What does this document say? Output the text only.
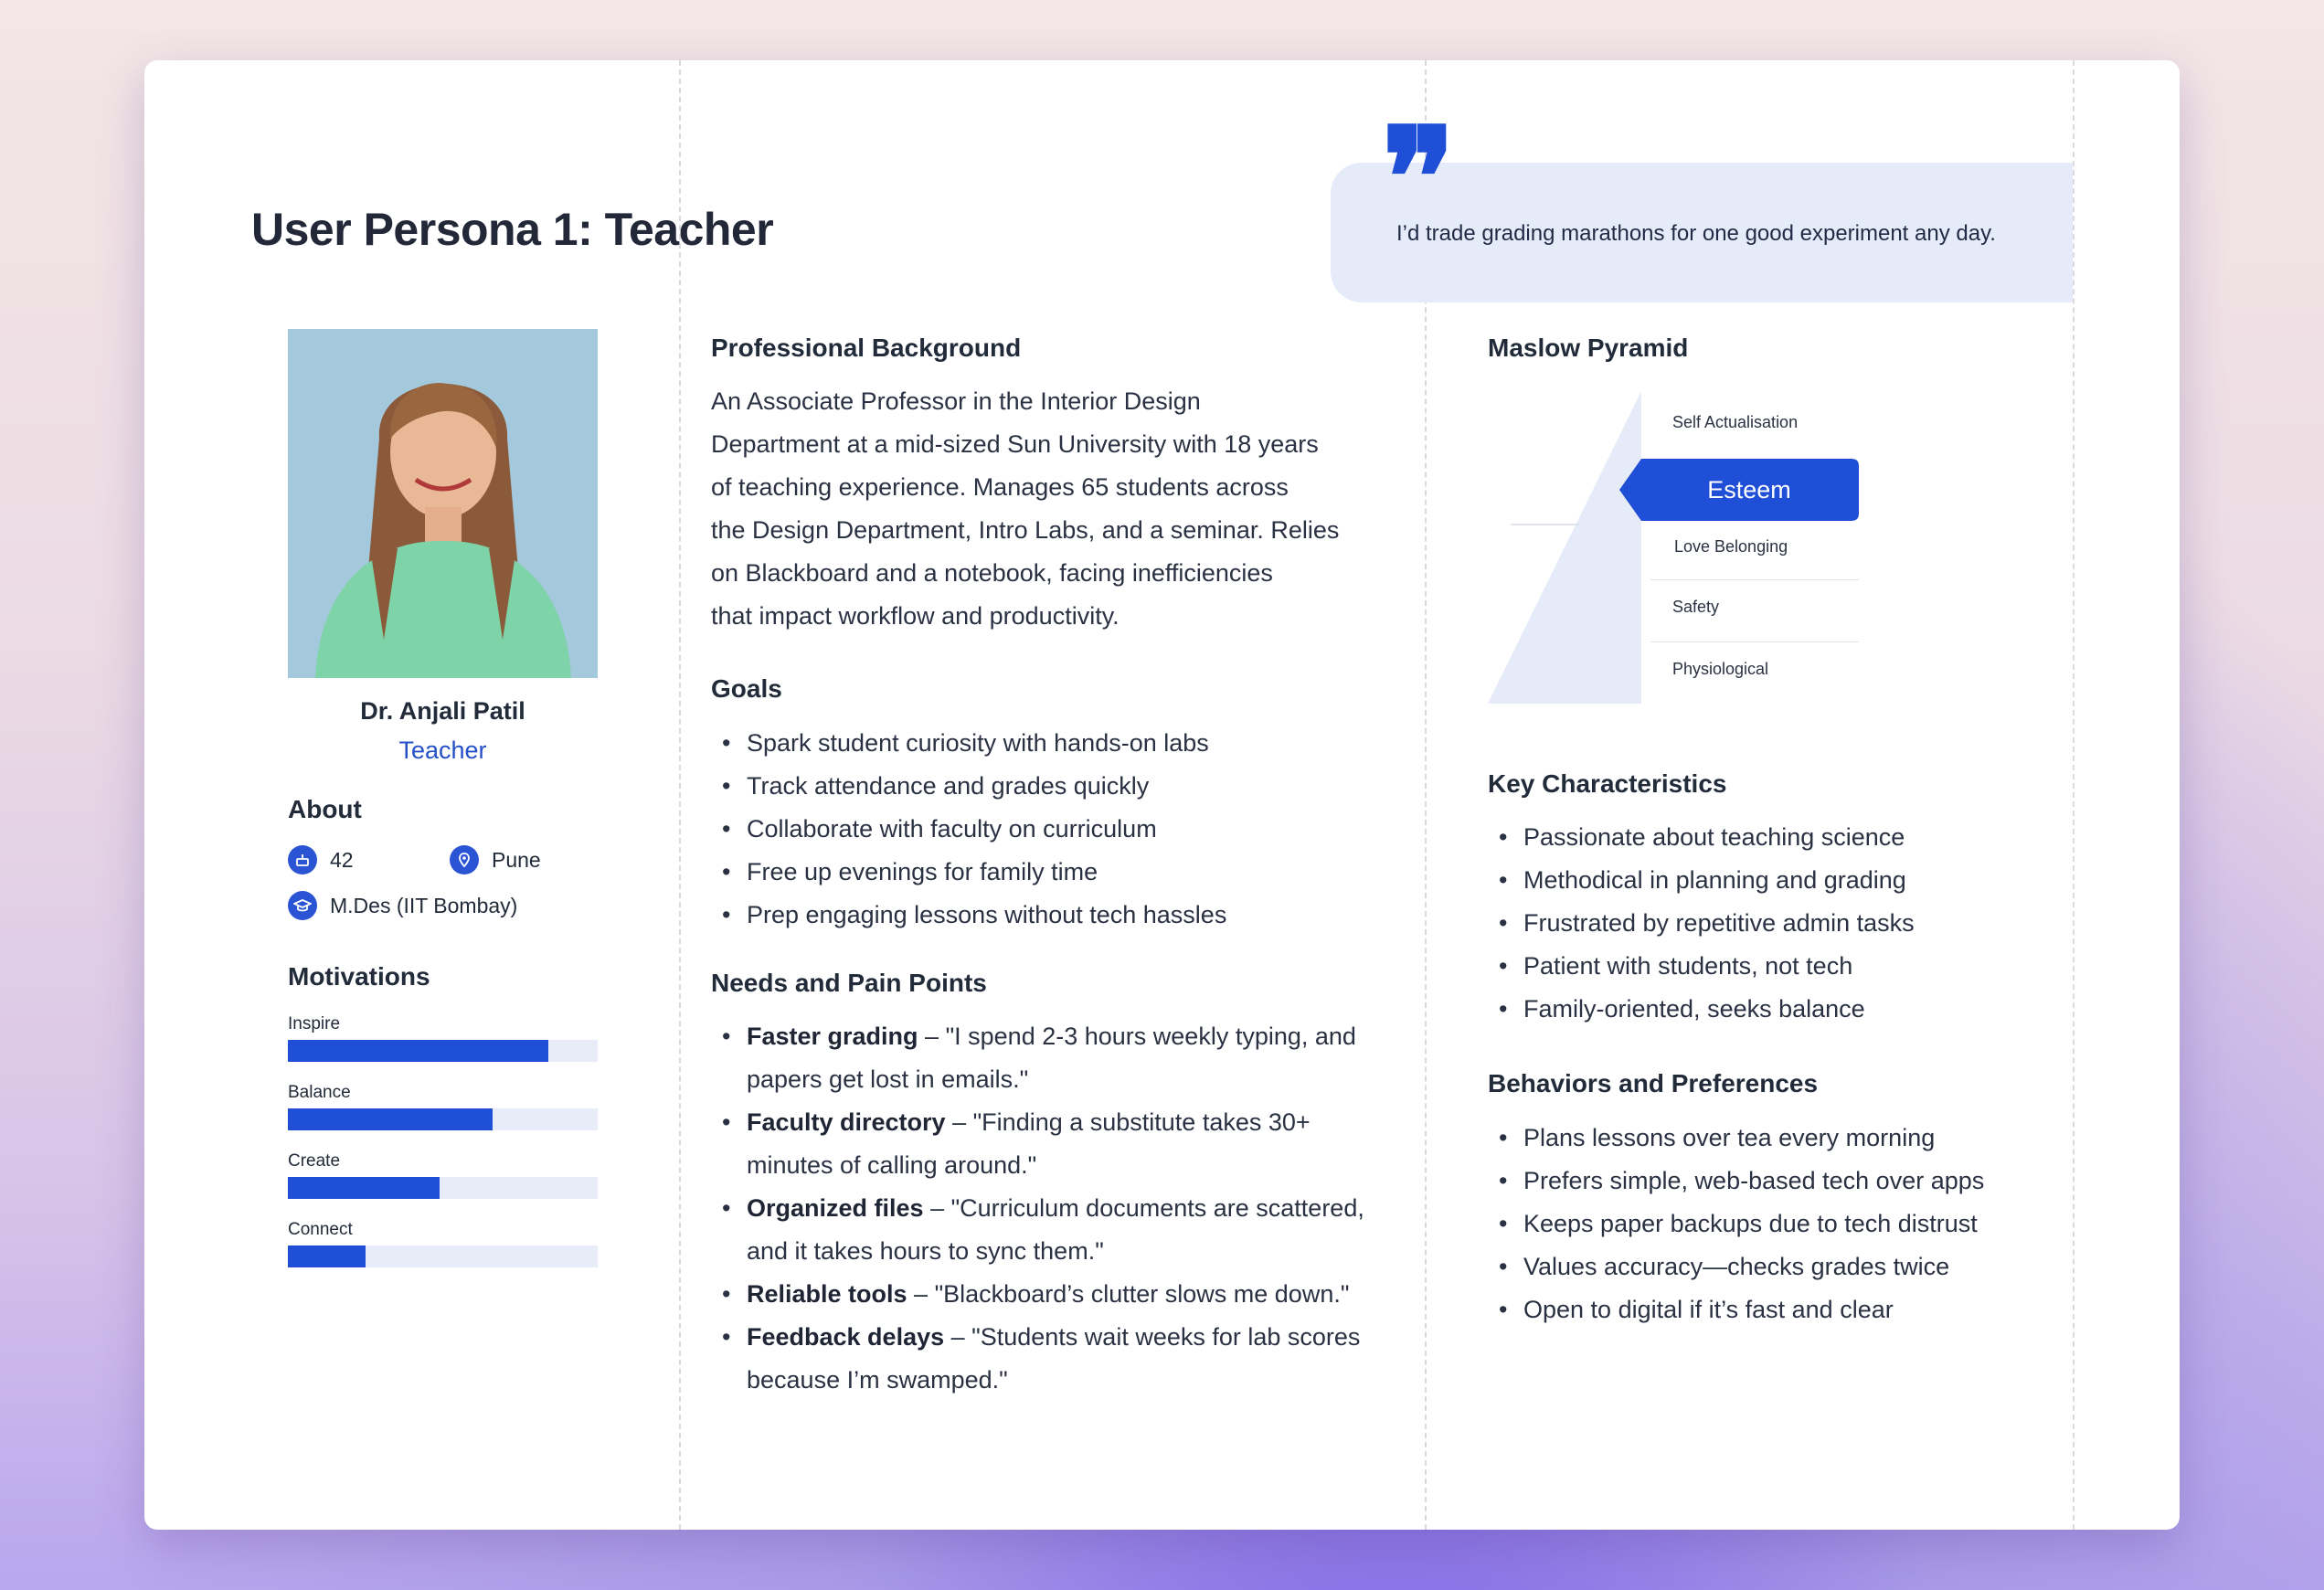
User Persona 1: Teacher	❞
I’d trade grading marathons for one good experiment any day.
Dr. Anjali Patil
Teacher
About
42	Pune
M.Des (IIT Bombay)
Motivations
Inspire
Balance
Create
Connect
Professional Background
An Associate Professor in the Interior Design
Department at a mid-sized Sun University with 18 years
of teaching experience. Manages 65 students across
the Design Department, Intro Labs, and a seminar. Relies
on Blackboard and a notebook, facing inefficiencies
that impact workflow and productivity.
Goals
• Spark student curiosity with hands-on labs
• Track attendance and grades quickly
• Collaborate with faculty on curriculum
• Free up evenings for family time
• Prep engaging lessons without tech hassles
Needs and Pain Points
• Faster grading – "I spend 2-3 hours weekly typing, and papers get lost in emails."
• Faculty directory – "Finding a substitute takes 30+ minutes of calling around."
• Organized files – "Curriculum documents are scattered, and it takes hours to sync them."
• Reliable tools – "Blackboard’s clutter slows me down."
• Feedback delays – "Students wait weeks for lab scores because I’m swamped."
Maslow Pyramid
Self Actualisation
Esteem
Love Belonging
Safety
Physiological
Key Characteristics
• Passionate about teaching science
• Methodical in planning and grading
• Frustrated by repetitive admin tasks
• Patient with students, not tech
• Family-oriented, seeks balance
Behaviors and Preferences
• Plans lessons over tea every morning
• Prefers simple, web-based tech over apps
• Keeps paper backups due to tech distrust
• Values accuracy—checks grades twice
• Open to digital if it’s fast and clear
